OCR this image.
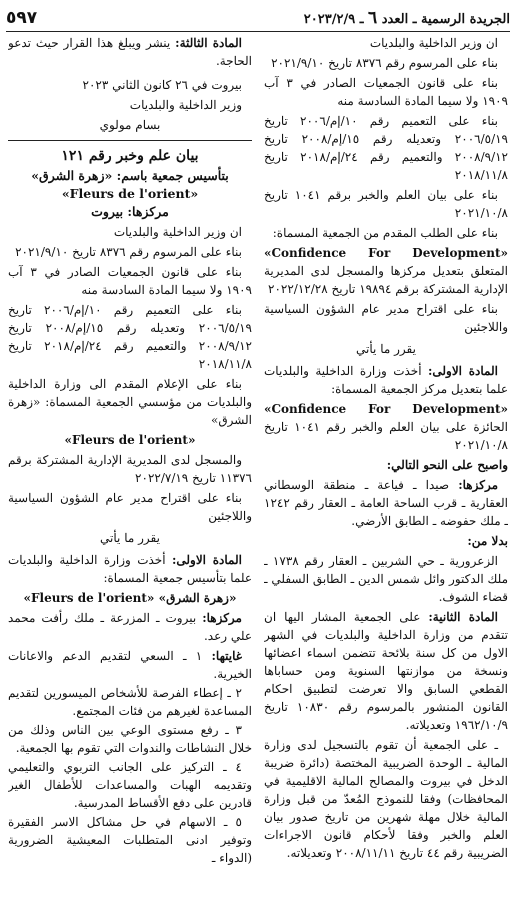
الجريدة الرسمية ـ العدد ٦ ـ ٢٠٢٣/٢/٩
٥٩٧

ان وزير الداخلية والبلديات

بناء على المرسوم رقم ٨٣٧٦ تاريخ ٢٠٢١/٩/١٠

بناء على قانون الجمعيات الصادر في ٣ آب ١٩٠٩ ولا سيما المادة السادسة منه

بناء على التعميم رقم ١٠/إم/٢٠٠٦ تاريخ ٢٠٠٦/٥/١٩ وتعديله رقم ١٥/إم/٢٠٠٨ تاريخ ٢٠٠٨/٩/١٢ والتعميم رقم ٢٤/إم/٢٠١٨ تاريخ ٢٠١٨/١١/٨

بناء على بيان العلم والخبر برقم ١٠٤١ تاريخ ٢٠٢١/١٠/٨

بناء على الطلب المقدم من الجمعية المسماة:

«Confidence For Development» المتعلق بتعديل مركزها والمسجل لدى المديرية الإدارية المشتركة برقم ١٩٨٩٤ تاريخ ٢٠٢٢/١٢/٢٨

بناء على اقتراح مدير عام الشؤون السياسية واللاجئين

يقرر ما يأتي

المادة الاولى: أخذت وزارة الداخلية والبلديات علما بتعديل مركز الجمعية المسماة:

«Confidence For Development» الحائزة على بيان العلم والخبر رقم ١٠٤١ تاريخ ٢٠٢١/١٠/٨

واصبح على النحو التالي:

مركزها: صيدا ـ فياعة ـ منطقة الوسطاني العقارية ـ قرب الساحة العامة ـ العقار رقم ١٢٤٢ ـ ملك حفوضه ـ الطابق الأرضي.

بدلا من:

الزعرورية ـ حي الشربين ـ العقار رقم ١٧٣٨ ـ ملك الدكتور وائل شمس الدين ـ الطابق السفلي ـ قضاء الشوف.

المادة الثانية: على الجمعية المشار اليها ان تتقدم من وزارة الداخلية والبلديات في الشهر الاول من كل سنة بلائحة تتضمن اسماء اعضائها ونسخة من موازنتها السنوية ومن حساباها القطعي السابق والا تعرضت لتطبيق احكام القانون المنشور بالمرسوم رقم ١٠٨٣٠ تاريخ ١٩٦٢/١٠/٩ وتعديلاته.

ـ على الجمعية أن تقوم بالتسجيل لدى وزارة المالية ـ الوحدة الضريبية المختصة (دائرة ضريبة الدخل في بيروت والمصالح المالية الاقليمية في المحافظات) وفقا للنموذج المُعدّ من قبل وزارة المالية خلال مهلة شهرين من تاريخ صدور بيان العلم والخبر وفقا لأحكام قانون الاجراءات الضريبية رقم ٤٤ تاريخ ٢٠٠٨/١١/١١ وتعديلاته.

المادة الثالثة: ينشر ويبلغ هذا القرار حيث تدعو الحاجة.

بيروت في ٢٦ كانون الثاني ٢٠٢٣

وزير الداخلية والبلديات

بسام مولوي

بيان علم وخبر رقم ١٢١
بتأسيس جمعية باسم: «زهرة الشرق»
«Fleurs de l'orient»
مركزها: بيروت

ان وزير الداخلية والبلديات

بناء على المرسوم رقم ٨٣٧٦ تاريخ ٢٠٢١/٩/١٠

بناء على قانون الجمعيات الصادر في ٣ آب ١٩٠٩ ولا سيما المادة السادسة منه

بناء على التعميم رقم ١٠/إم/٢٠٠٦ تاريخ ٢٠٠٦/٥/١٩ وتعديله رقم ١٥/إم/٢٠٠٨ تاريخ ٢٠٠٨/٩/١٢ والتعميم رقم ٢٤/إم/٢٠١٨ تاريخ ٢٠١٨/١١/٨

بناء على الإعلام المقدم الى وزارة الداخلية والبلديات من مؤسسي الجمعية المسماة: «زهرة الشرق»

«Fleurs de l'orient»

والمسجل لدى المديرية الإدارية المشتركة برقم ١١٣٧٦ تاريخ ٢٠٢٢/٧/١٩

بناء على اقتراح مدير عام الشؤون السياسية واللاجئين

يقرر ما يأتي

المادة الاولى: أخذت وزارة الداخلية والبلديات علما بتأسيس جمعية المسماة:

«زهرة الشرق» «Fleurs de l'orient»

مركزها: بيروت ـ المزرعة ـ ملك رأفت محمد علي رعد.

غايتها: ١ ـ السعي لتقديم الدعم والاعانات الخيرية.

٢ ـ إعطاء الفرصة للأشخاص الميسورين لتقديم المساعدة لغيرهم من فئات المجتمع.

٣ ـ رفع مستوى الوعي بين الناس وذلك من خلال النشاطات والندوات التي تقوم بها الجمعية.

٤ ـ التركيز على الجانب التربوي والتعليمي وتقديمه الهبات والمساعدات للأطفال الغير قادرين على دفع الأقساط المدرسية.

٥ ـ الاسهام في حل مشاكل الاسر الفقيرة وتوفير ادنى المتطلبات المعيشية الضرورية (الدواء ـ
